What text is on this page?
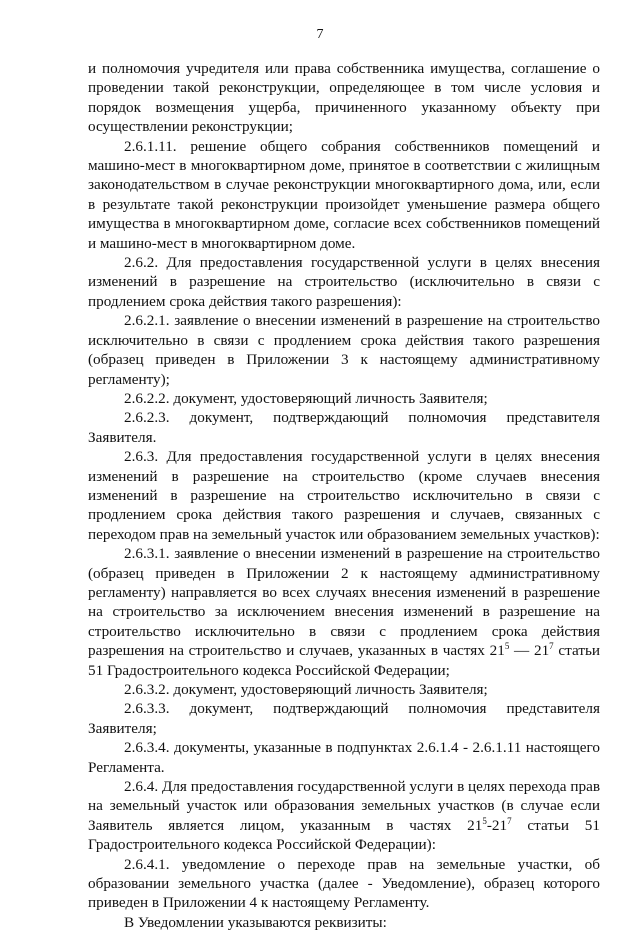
7

и полномочия учредителя или права собственника имущества, соглашение о проведении такой реконструкции, определяющее в том числе условия и порядок возмещения ущерба, причиненного указанному объекту при осуществлении реконструкции;

2.6.1.11. решение общего собрания собственников помещений и машино-мест в многоквартирном доме, принятое в соответствии с жилищным законодательством в случае реконструкции многоквартирного дома, или, если в результате такой реконструкции произойдет уменьшение размера общего имущества в многоквартирном доме, согласие всех собственников помещений и машино-мест в многоквартирном доме.

2.6.2. Для предоставления государственной услуги в целях внесения изменений в разрешение на строительство (исключительно в связи с продлением срока действия такого разрешения):

2.6.2.1. заявление о внесении изменений в разрешение на строительство исключительно в связи с продлением срока действия такого разрешения (образец приведен в Приложении 3 к настоящему административному регламенту);

2.6.2.2. документ, удостоверяющий личность Заявителя;

2.6.2.3. документ, подтверждающий полномочия представителя Заявителя.

2.6.3. Для предоставления государственной услуги в целях внесения изменений в разрешение на строительство (кроме случаев внесения изменений в разрешение на строительство исключительно в связи с продлением срока действия такого разрешения и случаев, связанных с переходом прав на земельный участок или образованием земельных участков):

2.6.3.1. заявление о внесении изменений в разрешение на строительство (образец приведен в Приложении 2 к настоящему административному регламенту) направляется во всех случаях внесения изменений в разрешение на строительство за исключением внесения изменений в разрешение на строительство исключительно в связи с продлением срока действия разрешения на строительство и случаев, указанных в частях $21^5$ — $21^7$ статьи 51 Градостроительного кодекса Российской Федерации;

2.6.3.2. документ, удостоверяющий личность Заявителя;

2.6.3.3. документ, подтверждающий полномочия представителя Заявителя;

2.6.3.4. документы, указанные в подпунктах 2.6.1.4 - 2.6.1.11 настоящего Регламента.

2.6.4. Для предоставления государственной услуги в целях перехода прав на земельный участок или образования земельных участков (в случае если Заявитель является лицом, указанным в частях $21^5-21^7$ статьи 51 Градостроительного кодекса Российской Федерации):

2.6.4.1. уведомление о переходе прав на земельные участки, об образовании земельного участка (далее - Уведомление), образец которого приведен в Приложении 4 к настоящему Регламенту.

В Уведомлении указываются реквизиты:
